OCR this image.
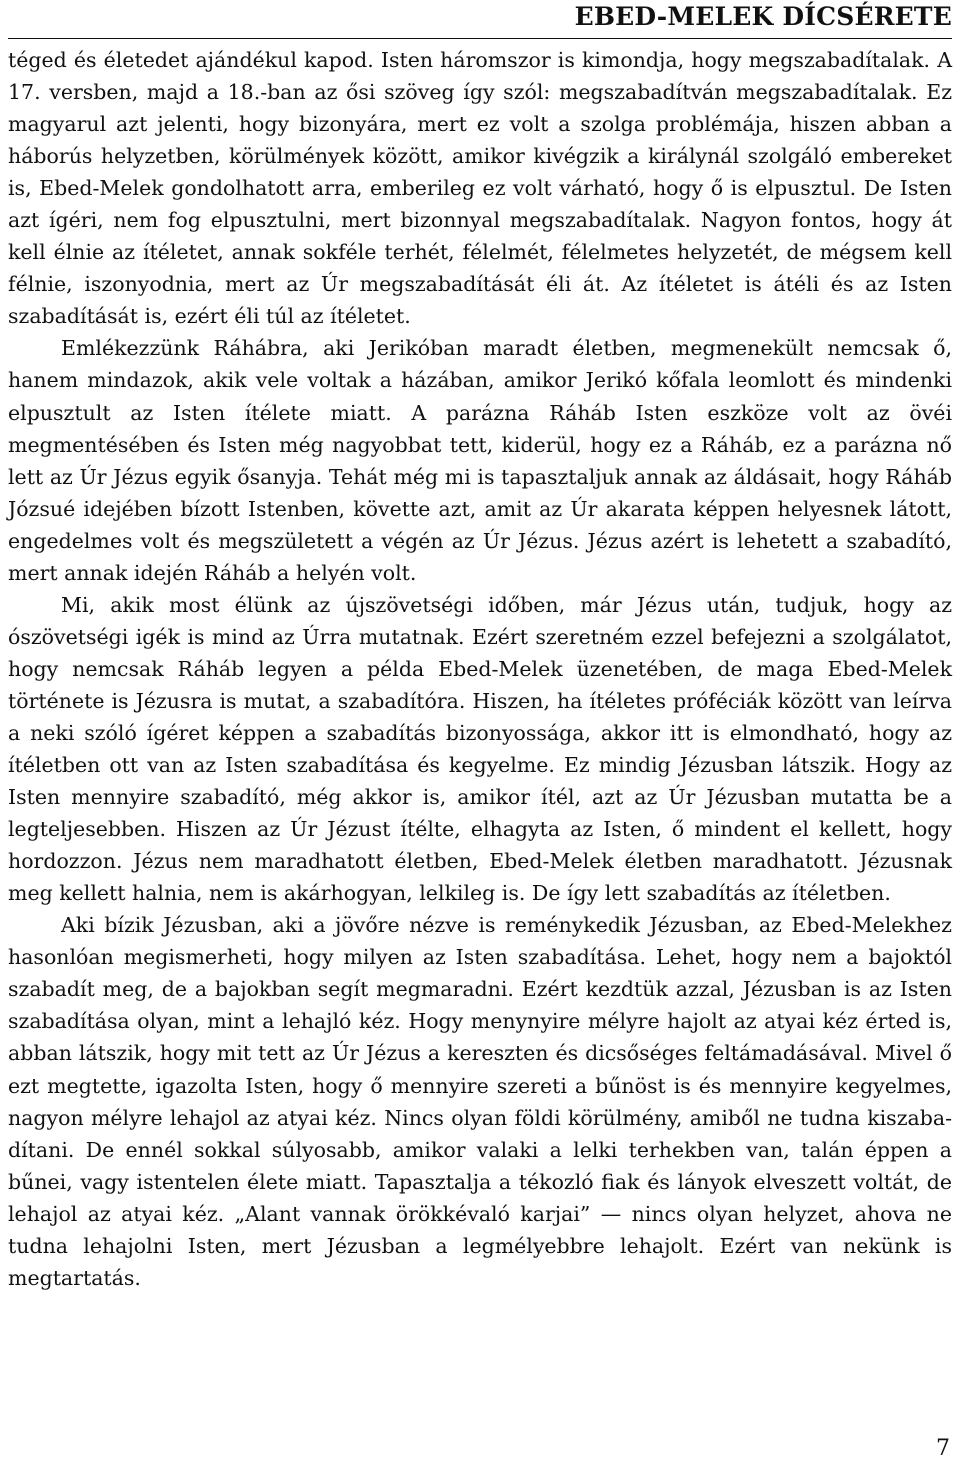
EBED-MELEK DÍCSÉRETE

téged és életedet ajándékul kapod. Isten háromszor is kimondja, hogy megszabadítalak. A 17. versben, majd a 18.-ban az ősi szöveg így szól: megszabadítván megszabadítalak. Ez magyarul azt jelenti, hogy bizonyára, mert ez volt a szolga problémája, hiszen abban a háborús helyzetben, körülmények között, amikor kivégzik a királynál szolgáló embereket is, Ebed-Melek gondolhatott arra, emberileg ez volt várható, hogy ő is elpusztul. De Isten azt ígéri, nem fog elpusztulni, mert bizonnyal megszabadítalak. Nagyon fontos, hogy át kell élnie az ítéletet, annak sokféle terhét, félelmét, félelmetes helyzetét, de mégsem kell félnie, iszonyodnia, mert az Úr megszabadítását éli át. Az ítéletet is átéli és az Isten szabadítását is, ezért éli túl az ítéletet.

Emlékezzünk Ráhábra, aki Jerikóban maradt életben, megmenekült nemcsak ő, hanem mindazok, akik vele voltak a házában, amikor Jerikó kőfala leomlott és mindenki elpusztult az Isten ítélete miatt. A parázna Ráháb Isten eszköze volt az övéi megmentésében és Isten még nagyobbat tett, kiderül, hogy ez a Ráháb, ez a parázna nő lett az Úr Jézus egyik ősanyja. Tehát még mi is tapasztaljuk annak az áldásait, hogy Ráháb Józsué idejében bízott Istenben, követte azt, amit az Úr akarata képpen helyesnek látott, engedelmes volt és megszületett a végén az Úr Jézus. Jézus azért is lehetett a szabadító, mert annak idején Ráháb a helyén volt.

Mi, akik most élünk az újszövetségi időben, már Jézus után, tudjuk, hogy az ószövetségi igék is mind az Úrra mutatnak. Ezért szeretném ezzel befejezni a szolgálatot, hogy nemcsak Ráháb legyen a példa Ebed-Melek üzenetében, de maga Ebed-Melek története is Jézusra is mutat, a szabadítóra. Hiszen, ha ítéletes próféciák között van leírva a neki szóló ígéret képpen a szabadítás bizonyossága, akkor itt is elmondható, hogy az ítéletben ott van az Isten szabadítása és kegyelme. Ez mindig Jézusban látszik. Hogy az Isten mennyire szabadító, még akkor is, amikor ítél, azt az Úr Jézusban mutatta be a legteljesebben. Hiszen az Úr Jézust ítélte, elhagyta az Isten, ő mindent el kellett, hogy hordozzon. Jézus nem maradhatott életben, Ebed-Melek életben maradhatott. Jézusnak meg kellett halnia, nem is akárhogyan, lelkileg is. De így lett szabadítás az ítéletben.

Aki bízik Jézusban, aki a jövőre nézve is reménykedik Jézusban, az Ebed-Melekhez hasonlóan megismerheti, hogy milyen az Isten szabadítása. Lehet, hogy nem a bajoktól szabadít meg, de a bajokban segít megmaradni. Ezért kezdtük azzal, Jézusban is az Isten szabadítása olyan, mint a lehajló kéz. Hogy menynyire mélyre hajolt az atyai kéz érted is, abban látszik, hogy mit tett az Úr Jézus a kereszten és dicsőséges feltámadásával. Mivel ő ezt megtette, igazolta Isten, hogy ő mennyire szereti a bűnöst is és mennyire kegyelmes, nagyon mélyre lehajol az atyai kéz. Nincs olyan földi körülmény, amiből ne tudna kiszabadítani. De ennél sokkal súlyosabb, amikor valaki a lelki terhekben van, talán éppen a bűnei, vagy istentelen élete miatt. Tapasztalja a tékozló fiak és lányok elveszett voltát, de lehajol az atyai kéz. „Alant vannak örökkévaló karjai” — nincs olyan helyzet, ahova ne tudna lehajolni Isten, mert Jézusban a legmélyebbre lehajolt. Ezért van nekünk is megtartatás.

7
